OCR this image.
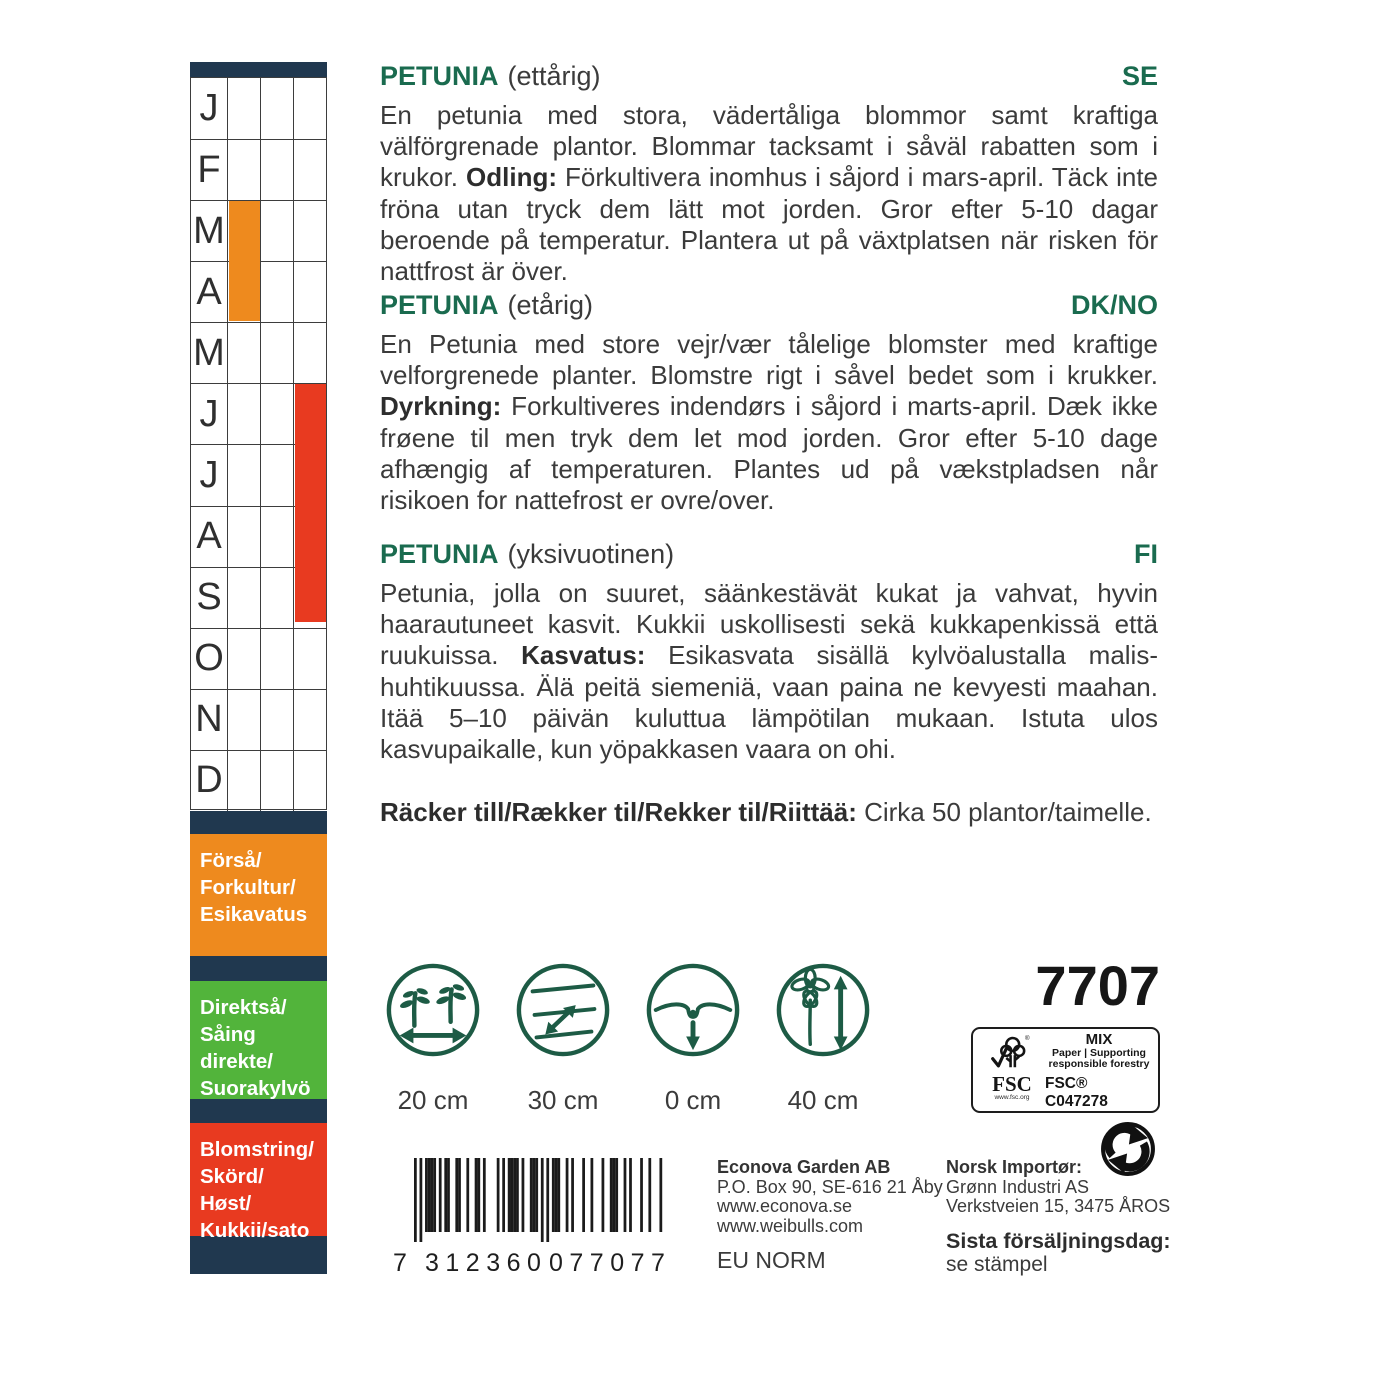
J
F
M
A
M
J
J
A
S
O
N
D
Förså/
Forkultur/
Esikavatus
Direktså/
Såing
direkte/
Suorakylvö
Blomstring/
Skörd/
Høst/
Kukkii/sato
PETUNIA (ettårig)	SE

En petunia med stora, vädertåliga blommor samt kraftiga välförgrenade plantor. Blommar tacksamt i såväl rabatten som i krukor. Odling: Förkultivera inomhus i såjord i mars-april. Täck inte fröna utan tryck dem lätt mot jorden. Gror efter 5-10 dagar beroende på temperatur. Plantera ut på växtplatsen när risken för nattfrost är över.

PETUNIA (etårig)	DK/NO

En Petunia med store vejr/vær tålelige blomster med kraftige velforgrenede planter. Blomstre rigt i såvel bedet som i krukker. Dyrkning: Forkultiveres indendørs i såjord i marts-april. Dæk ikke frøene til men tryk dem let mod jorden. Gror efter 5-10 dage afhængig af temperaturen. Plantes ud på vækstpladsen når risikoen for nattefrost er ovre/over.

PETUNIA (yksivuotinen)	FI

Petunia, jolla on suuret, säänkestävät kukat ja vahvat, hyvin haarautuneet kasvit. Kukkii uskollisesti sekä kukkapenkissä että ruukuissa. Kasvatus: Esikasvata sisällä kylvöalustalla malis-huhtikuussa. Älä peitä siemeniä, vaan paina ne kevyesti maahan. Itää 5–10 päivän kuluttua lämpötilan mukaan. Istuta ulos kasvupaikalle, kun yöpakkasen vaara on ohi.

Räcker till/Rækker til/Rekker til/Riittää: Cirka 50 plantor/taimelle.

20 cm 30 cm	0 cm	40 cm
7707
®
FSC
www.fsc.org
MIX
Paper | Supporting
responsible forestry
FSC® C047278
7 312360 077077
Econova Garden AB
P.O. Box 90, SE-616 21 Åby
www.econova.se
www.weibulls.com
EU NORM
Norsk Importør:
Grønn Industri AS
Verkstveien 15, 3475 ÅROS
Sista försäljningsdag:
se stämpel
